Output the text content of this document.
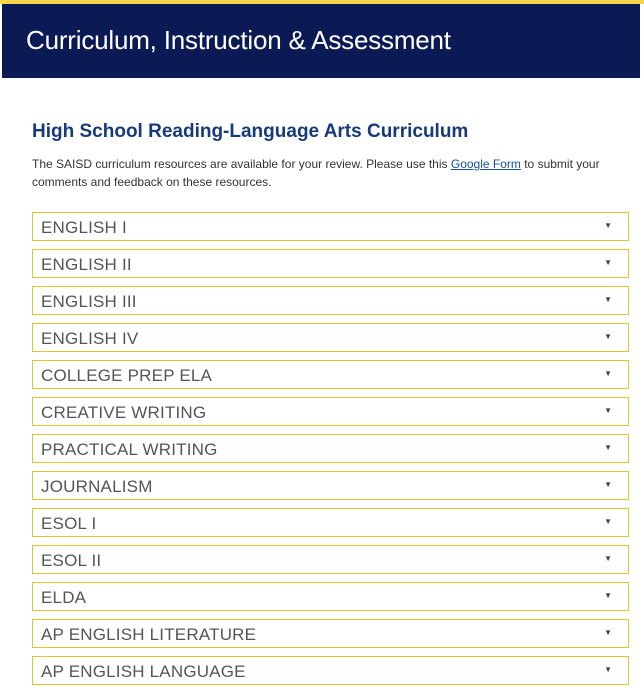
Curriculum, Instruction & Assessment
High School Reading-Language Arts Curriculum
The SAISD curriculum resources are available for your review. Please use this Google Form to submit your comments and feedback on these resources.
ENGLISH I	▼
ENGLISH II	▼
ENGLISH III	▼
ENGLISH IV	▼
COLLEGE PREP ELA	▼
CREATIVE WRITING	▼
PRACTICAL WRITING	▼
JOURNALISM	▼
ESOL I	▼
ESOL II	▼
ELDA	▼
AP ENGLISH LITERATURE	▼
AP ENGLISH LANGUAGE	▼
